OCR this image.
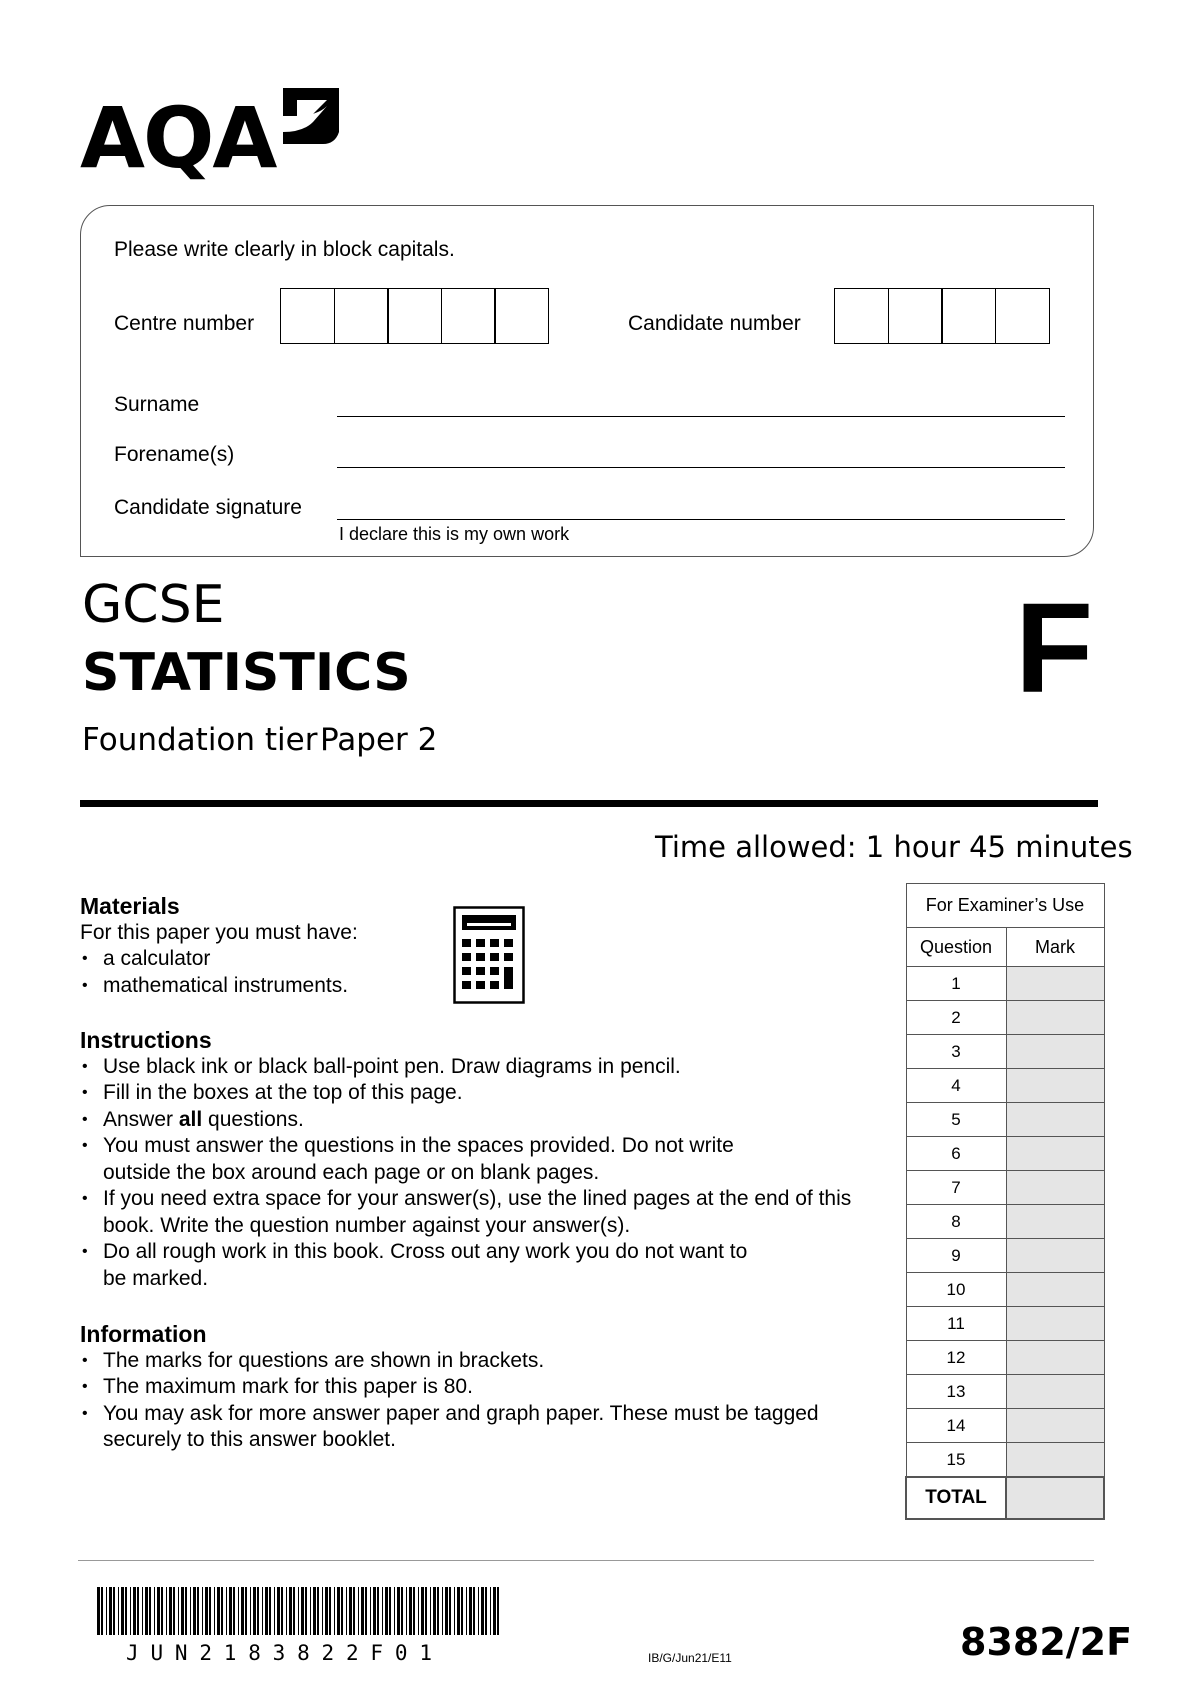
AQA
Please write clearly in block capitals.
Centre number	Candidate number
Surname
Forename(s)
Candidate signature
I declare this is my own work
GCSE
STATISTICS
Foundation tier Paper 2
F
Time allowed: 1 hour 45 minutes
Materials
For this paper you must have:
• a calculator
• mathematical instruments.
Instructions
• Use black ink or black ball-point pen. Draw diagrams in pencil.
• Fill in the boxes at the top of this page.
• Answer all questions.
• You must answer the questions in the spaces provided. Do not write outside the box around each page or on blank pages.
• If you need extra space for your answer(s), use the lined pages at the end of this book. Write the question number against your answer(s).
• Do all rough work in this book. Cross out any work you do not want to be marked.
Information
• The marks for questions are shown in brackets.
• The maximum mark for this paper is 80.
• You may ask for more answer paper and graph paper. These must be tagged securely to this answer booklet.
For Examiner’s Use	
Question	Mark
1	
2	
3	
4	
5	
6	
7	
8	
9	
10	
11	
12	
13	
14	
15	
TOTAL	
JUN2183822F01	IB/G/Jun21/E11	8382/2F
